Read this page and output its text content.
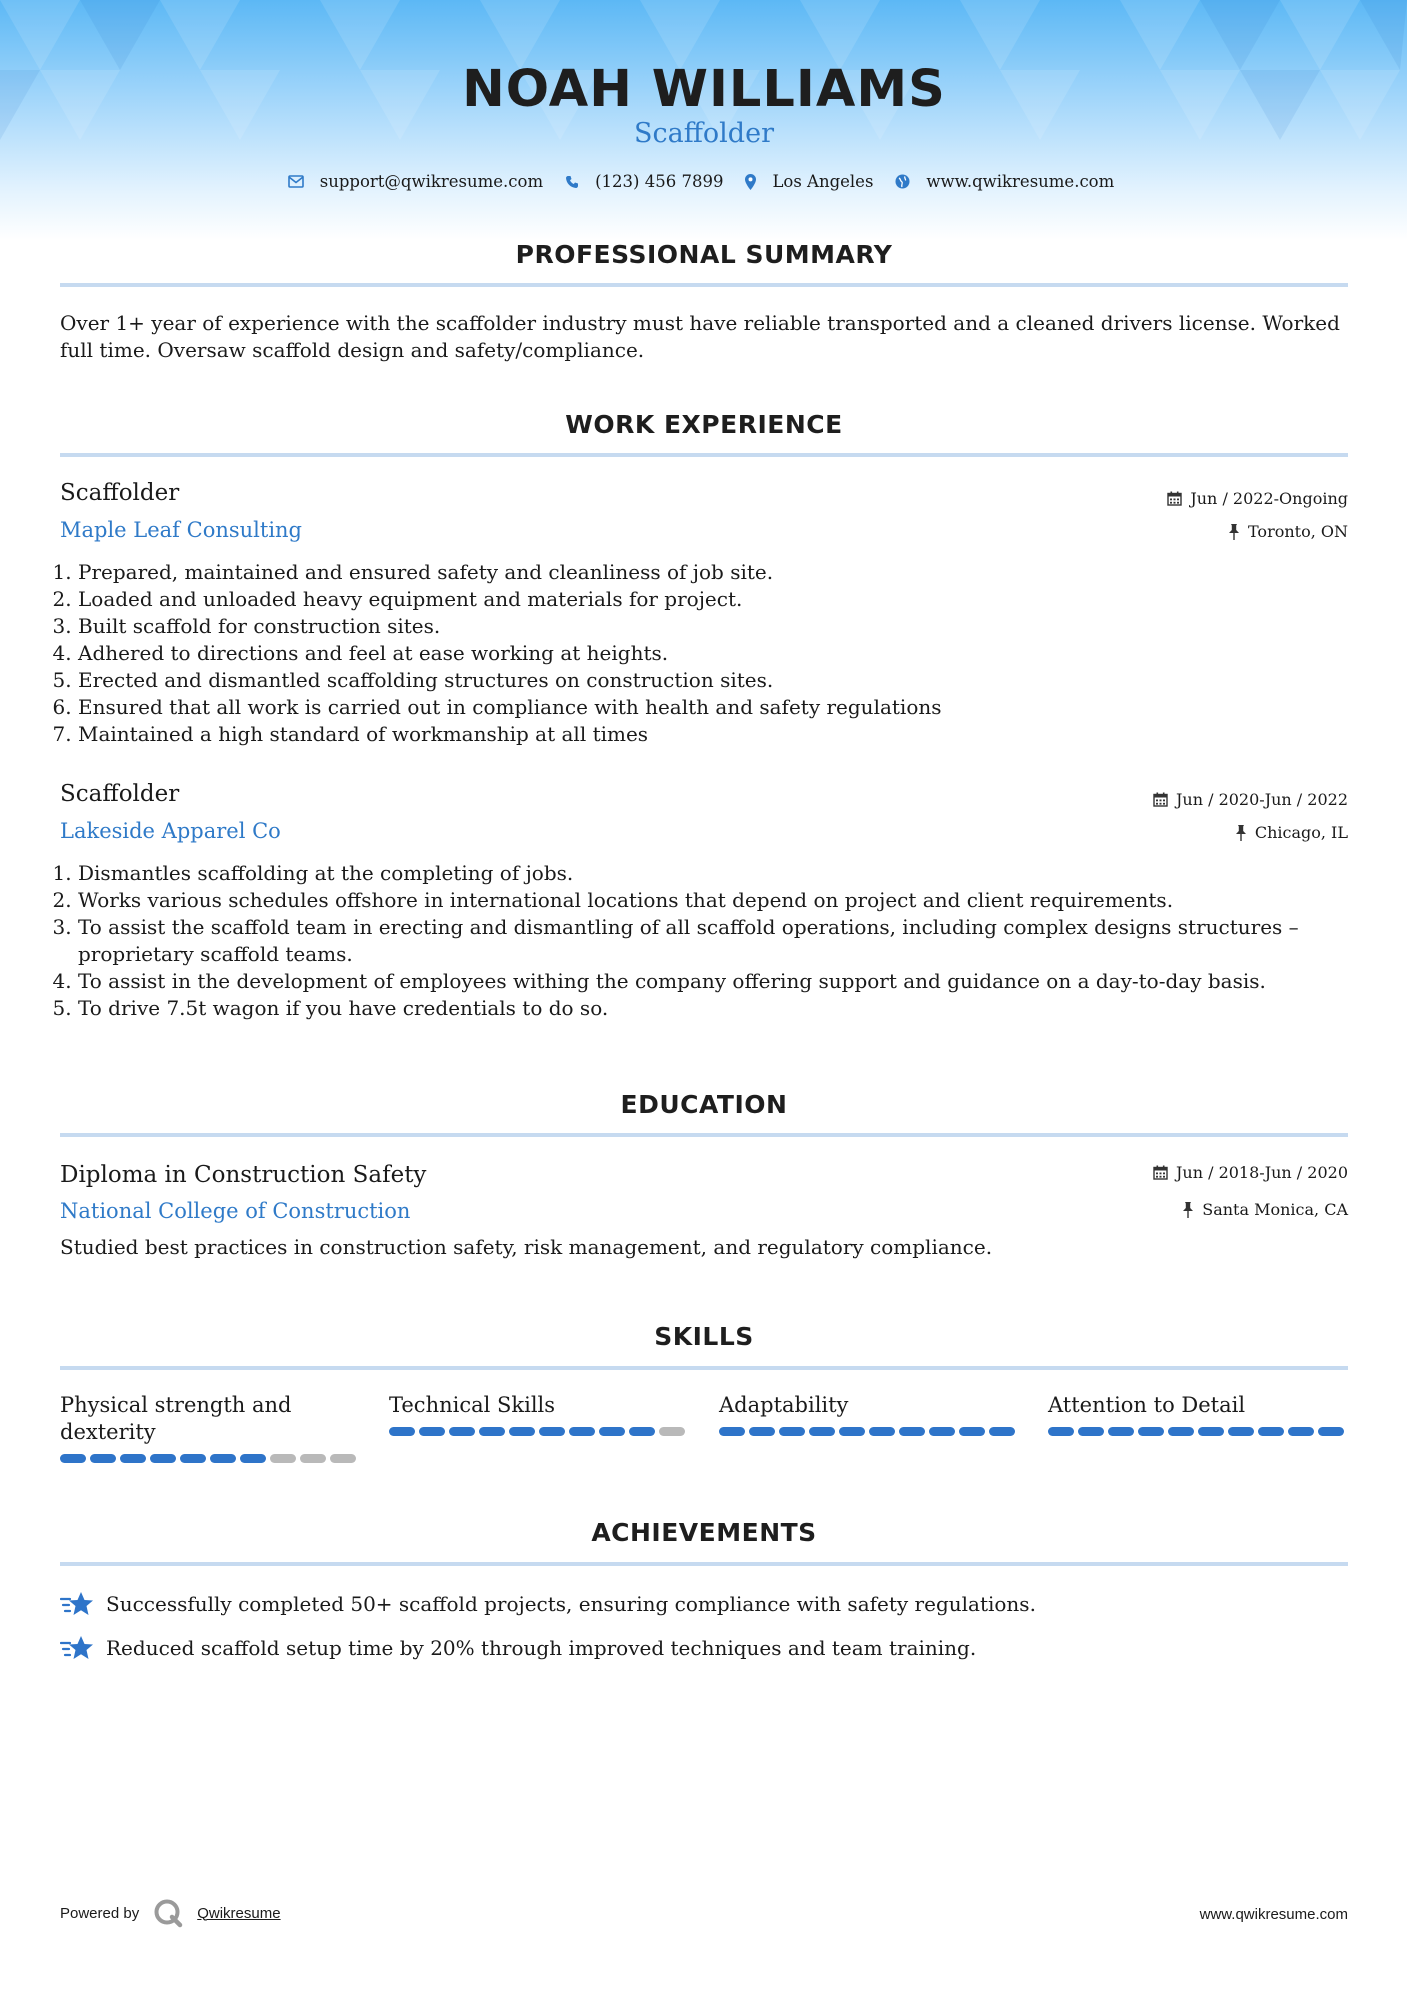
NOAH WILLIAMS
Scaffolder
support@qwikresume.com	(123) 456 7899	Los Angeles	www.qwikresume.com
PROFESSIONAL SUMMARY
Over 1+ year of experience with the scaffolder industry must have reliable transported and a cleaned drivers license. Worked full time. Oversaw scaffold design and safety/compliance.
WORK EXPERIENCE
Scaffolder
Maple Leaf Consulting
Jun / 2022-Ongoing
Toronto, ON
1. Prepared, maintained and ensured safety and cleanliness of job site.
2. Loaded and unloaded heavy equipment and materials for project.
3. Built scaffold for construction sites.
4. Adhered to directions and feel at ease working at heights.
5. Erected and dismantled scaffolding structures on construction sites.
6. Ensured that all work is carried out in compliance with health and safety regulations
7. Maintained a high standard of workmanship at all times
Scaffolder
Lakeside Apparel Co
Jun / 2020-Jun / 2022
Chicago, IL
1. Dismantles scaffolding at the completing of jobs.
2. Works various schedules offshore in international locations that depend on project and client requirements.
3. To assist the scaffold team in erecting and dismantling of all scaffold operations, including complex designs structures – proprietary scaffold teams.
4. To assist in the development of employees withing the company offering support and guidance on a day-to-day basis.
5. To drive 7.5t wagon if you have credentials to do so.
EDUCATION
Diploma in Construction Safety
National College of Construction
Jun / 2018-Jun / 2020
Santa Monica, CA
Studied best practices in construction safety, risk management, and regulatory compliance.
SKILLS
Physical strength and dexterity
Technical Skills	Adaptability	Attention to Detail
ACHIEVEMENTS
Successfully completed 50+ scaffold projects, ensuring compliance with safety regulations.
Reduced scaffold setup time by 20% through improved techniques and team training.
Powered by	Qwikresume	www.qwikresume.com
